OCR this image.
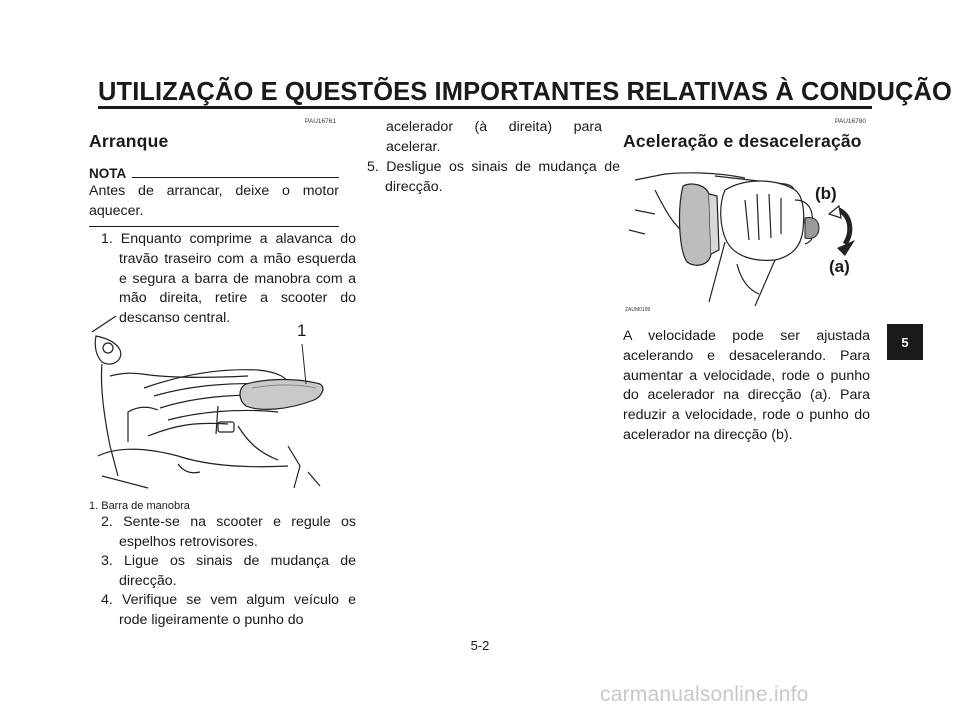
UTILIZAÇÃO E QUESTÕES IMPORTANTES RELATIVAS À CONDUÇÃO
PAU16761
Arranque
NOTA
Antes de arrancar, deixe o motor aquecer.
1. Enquanto comprime a alavanca do travão traseiro com a mão esquerda e segura a barra de manobra com a mão direita, retire a scooter do descanso central.
1
1. Barra de manobra
2. Sente-se na scooter e regule os espelhos retrovisores.
3. Ligue os sinais de mudança de direcção.
4. Verifique se vem algum veículo e rode ligeiramente o punho do
acelerador (à direita) para acelerar.
5. Desligue os sinais de mudança de direcção.
PAU16780
Aceleração e desaceleração
(b)
(a)
ZAUM0199
A velocidade pode ser ajustada acelerando e desacelerando. Para aumentar a velocidade, rode o punho do acelerador na direcção (a). Para reduzir a velocidade, rode o punho do acelerador na direcção (b).
5
5-2
carmanualsonline.info
